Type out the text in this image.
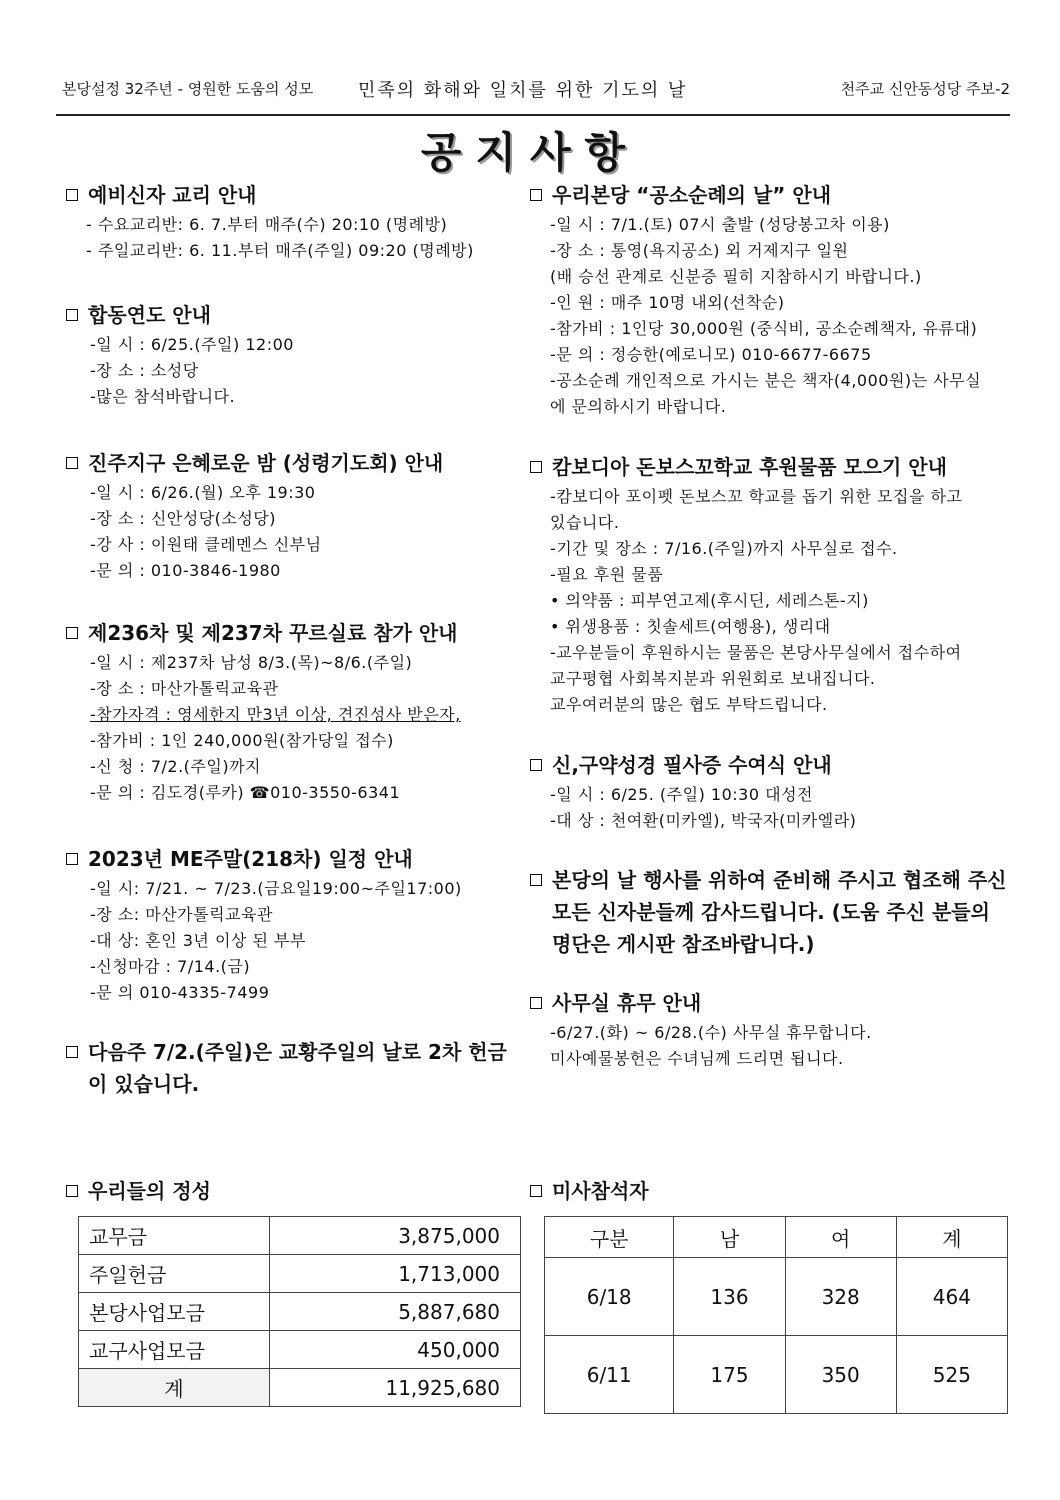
본당설정 32주년 - 영원한 도움의 성모 민족의 화해와 일치를 위한 기도의 날	천주교 신안동성당 주보-2
공지사항
예비신자 교리 안내
- 수요교리반: 6. 7.부터 매주(수) 20:10 (명례방)
- 주일교리반: 6. 11.부터 매주(주일) 09:20 (명례방)
합동연도 안내
-일 시 : 6/25.(주일) 12:00
-장 소 : 소성당
-많은 참석바랍니다.
진주지구 은혜로운 밤 (성령기도회) 안내
-일 시 : 6/26.(월) 오후 19:30
-장 소 : 신안성당(소성당)
-강 사 : 이원태 클레멘스 신부님
-문 의 : 010-3846-1980
제236차 및 제237차 꾸르실료 참가 안내
-일 시 : 제237차 남성 8/3.(목)~8/6.(주일)
-장 소 : 마산가톨릭교육관
-참가자격 : 영세한지 만3년 이상, 견진성사 받은자,
-참가비 : 1인 240,000원(참가당일 접수)
-신 청 : 7/2.(주일)까지
-문 의 : 김도경(루카) ☎010-3550-6341
2023년 ME주말(218차) 일정 안내
-일 시: 7/21. ~ 7/23.(금요일19:00~주일17:00)
-장 소: 마산가톨릭교육관
-대 상: 혼인 3년 이상 된 부부
-신청마감 : 7/14.(금)
-문 의 010-4335-7499
다음주 7/2.(주일)은 교황주일의 날로 2차 헌금이 있습니다.
우리본당 “공소순례의 날” 안내
-일 시 : 7/1.(토) 07시 출발 (성당봉고차 이용)
-장 소 : 통영(욕지공소) 외 거제지구 일원
(배 승선 관계로 신분증 필히 지참하시기 바랍니다.)
-인 원 : 매주 10명 내외(선착순)
-참가비 : 1인당 30,000원 (중식비, 공소순례책자, 유류대)
-문 의 : 정승한(예로니모) 010-6677-6675
-공소순례 개인적으로 가시는 분은 책자(4,000원)는 사무실
에 문의하시기 바랍니다.
캄보디아 돈보스꼬학교 후원물품 모으기 안내
-캄보디아 포이펫 돈보스꼬 학교를 돕기 위한 모집을 하고
있습니다.
-기간 및 장소 : 7/16.(주일)까지 사무실로 접수.
-필요 후원 물품
• 의약품 : 피부연고제(후시딘, 세레스톤-지)
• 위생용품 : 칫솔세트(여행용), 생리대
-교우분들이 후원하시는 물품은 본당사무실에서 접수하여
교구평협 사회복지분과 위원회로 보내집니다.
교우여러분의 많은 협도 부탁드립니다.
신,구약성경 필사증 수여식 안내
-일 시 : 6/25. (주일) 10:30 대성전
-대 상 : 천여환(미카엘), 박국자(미카엘라)
본당의 날 행사를 위하여 준비해 주시고 협조해 주신 모든 신자분들께 감사드립니다. (도움 주신 분들의 명단은 게시판 참조바랍니다.)
사무실 휴무 안내
-6/27.(화) ~ 6/28.(수) 사무실 휴무합니다.
미사예물봉헌은 수녀님께 드리면 됩니다.
우리들의 정성
교무금	3,875,000
주일헌금	1,713,000
본당사업모금	5,887,680
교구사업모금	450,000
계	11,925,680
미사참석자
구분	남	여	계
6/18	136	328	464
6/11	175	350	525
